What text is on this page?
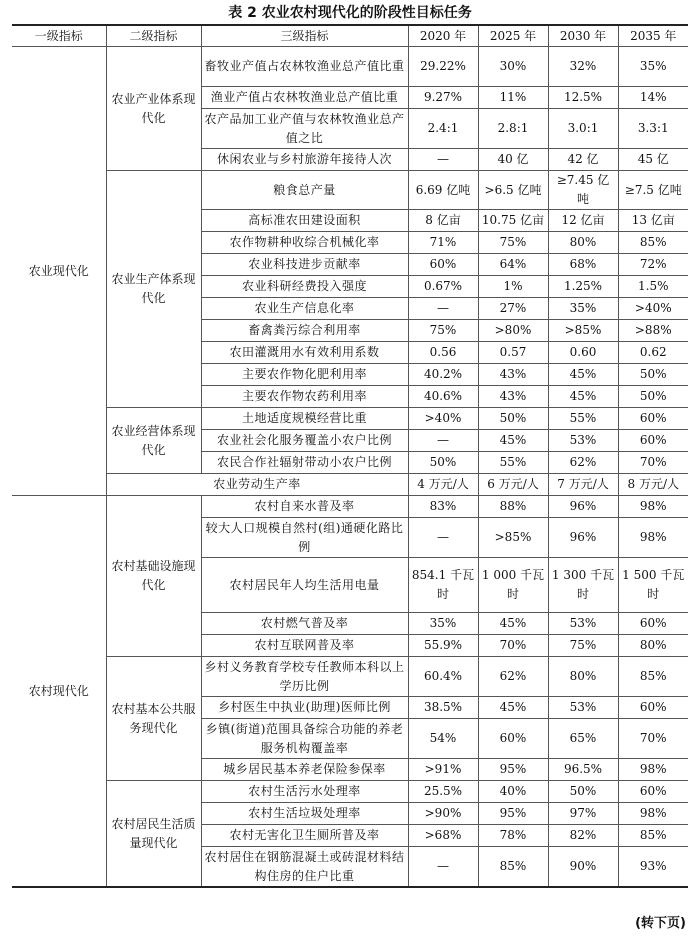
表 2 农业农村现代化的阶段性目标任务
一级指标	二级指标	三级指标	2020 年	2025 年	2030 年	2035 年
农业现代化	农业产业体系现代化	畜牧业产值占农林牧渔业总产值比重	29.22%	30%	32%	35%
		渔业产值占农林牧渔业总产值比重	9.27%	11%	12.5%	14%
		农产品加工业产值与农林牧渔业总产值之比	2.4:1	2.8:1	3.0:1	3.3:1
		休闲农业与乡村旅游年接待人次	—	40 亿	42 亿	45 亿
	农业生产体系现代化	粮食总产量	6.69 亿吨	>6.5 亿吨	≥7.45 亿吨	≥7.5 亿吨
		高标准农田建设面积	8 亿亩	10.75 亿亩	12 亿亩	13 亿亩
		农作物耕种收综合机械化率	71%	75%	80%	85%
		农业科技进步贡献率	60%	64%	68%	72%
		农业科研经费投入强度	0.67%	1%	1.25%	1.5%
		农业生产信息化率	—	27%	35%	>40%
		畜禽粪污综合利用率	75%	>80%	>85%	>88%
		农田灌溉用水有效利用系数	0.56	0.57	0.60	0.62
		主要农作物化肥利用率	40.2%	43%	45%	50%
		主要农作物农药利用率	40.6%	43%	45%	50%
	农业经营体系现代化	土地适度规模经营比重	>40%	50%	55%	60%
		农业社会化服务覆盖小农户比例	—	45%	53%	60%
		农民合作社辐射带动小农户比例	50%	55%	62%	70%
	农业劳动生产率		4 万元/人	6 万元/人	7 万元/人	8 万元/人
农村现代化	农村基础设施现代化	农村自来水普及率	83%	88%	96%	98%
		较大人口规模自然村(组)通硬化路比例	—	>85%	96%	98%
		农村居民年人均生活用电量	854.1 千瓦时	1 000 千瓦时	1 300 千瓦时	1 500 千瓦时
		农村燃气普及率	35%	45%	53%	60%
		农村互联网普及率	55.9%	70%	75%	80%
	农村基本公共服务现代化	乡村义务教育学校专任教师本科以上学历比例	60.4%	62%	80%	85%
		乡村医生中执业(助理)医师比例	38.5%	45%	53%	60%
		乡镇(街道)范围具备综合功能的养老服务机构覆盖率	54%	60%	65%	70%
		城乡居民基本养老保险参保率	>91%	95%	96.5%	98%
	农村居民生活质量现代化	农村生活污水处理率	25.5%	40%	50%	60%
		农村生活垃圾处理率	>90%	95%	97%	98%
		农村无害化卫生厕所普及率	>68%	78%	82%	85%
		农村居住在钢筋混凝土或砖混材料结构住房的住户比重	—	85%	90%	93%
(转下页)
